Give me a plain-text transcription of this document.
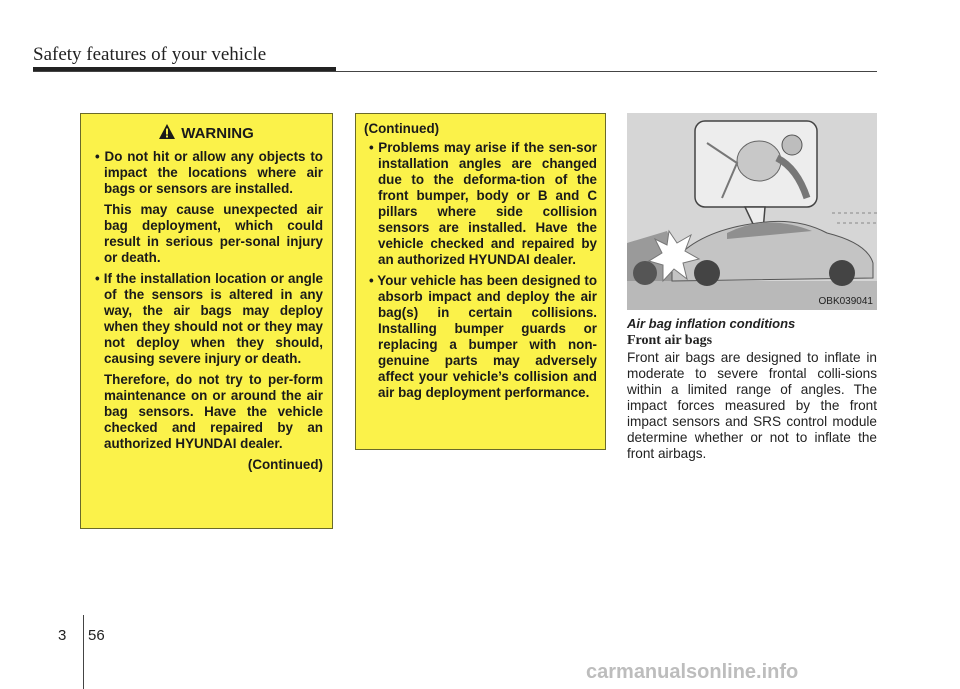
Safety features of your vehicle
WARNING

• Do not hit or allow any objects to impact the locations where air bags or sensors are installed.

This may cause unexpected air bag deployment, which could result in serious per-sonal injury or death.

• If the installation location or angle of the sensors is altered in any way, the air bags may deploy when they should not or they may not deploy when they should, causing severe injury or death.

Therefore, do not try to per-form maintenance on or around the air bag sensors. Have the vehicle checked and repaired by an authorized HYUNDAI dealer.

(Continued)
(Continued)

• Problems may arise if the sen-sor installation angles are changed due to the deforma-tion of the front bumper, body or B and C pillars where side collision sensors are installed. Have the vehicle checked and repaired by an authorized HYUNDAI dealer.

• Your vehicle has been designed to absorb impact and deploy the air bag(s) in certain collisions. Installing bumper guards or replacing a bumper with non-genuine parts may adversely affect your vehicle’s collision and air bag deployment performance.

OBK039041
Air bag inflation conditions
Front air bags
Front air bags are designed to inflate in moderate to severe frontal colli-sions within a limited range of angles. The impact forces measured by the front impact sensors and SRS control module determine whether or not to inflate the front airbags.
3 56
carmanualsonline.info
